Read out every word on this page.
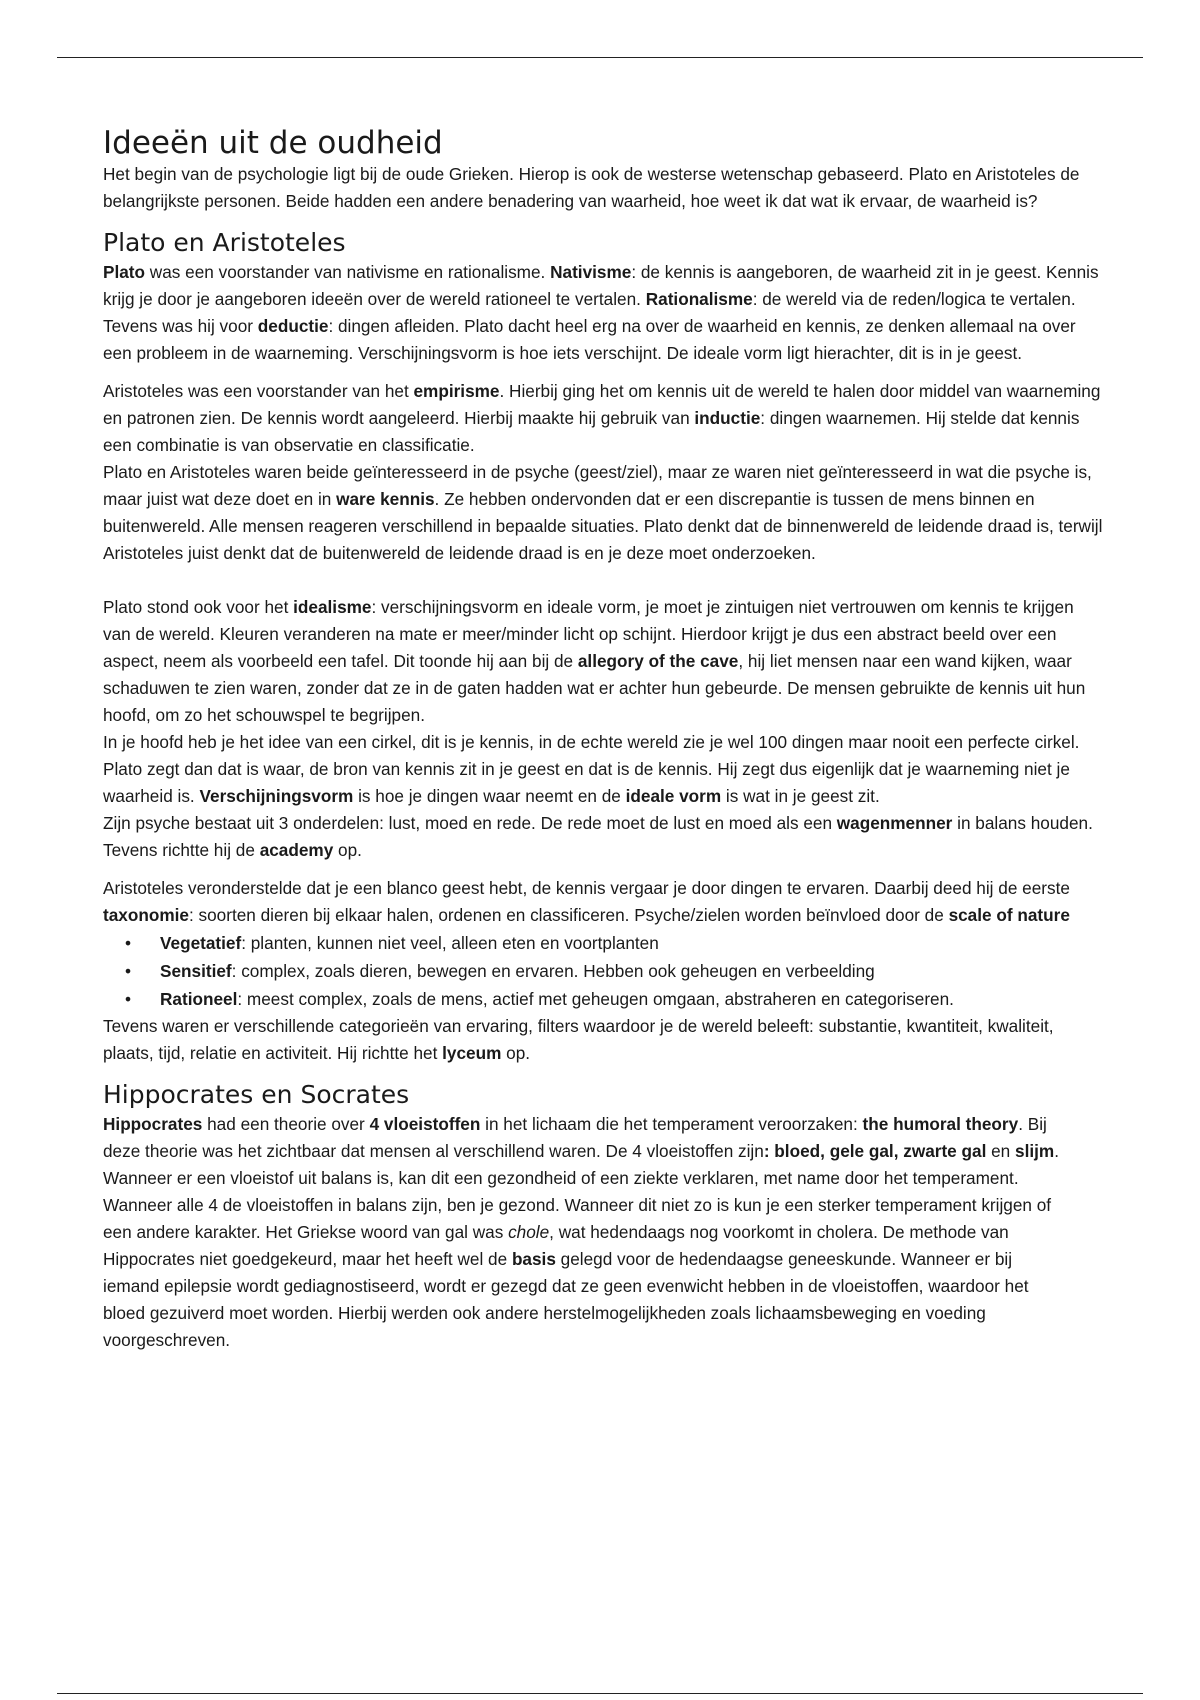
Ideeën uit de oudheid

Het begin van de psychologie ligt bij de oude Grieken. Hierop is ook de westerse wetenschap gebaseerd. Plato en Aristoteles de belangrijkste personen. Beide hadden een andere benadering van waarheid, hoe weet ik dat wat ik ervaar, de waarheid is?

Plato en Aristoteles

Plato was een voorstander van nativisme en rationalisme. Nativisme: de kennis is aangeboren, de waarheid zit in je geest. Kennis krijg je door je aangeboren ideeën over de wereld rationeel te vertalen. Rationalisme: de wereld via de reden/logica te vertalen. Tevens was hij voor deductie: dingen afleiden. Plato dacht heel erg na over de waarheid en kennis, ze denken allemaal na over een probleem in de waarneming. Verschijningsvorm is hoe iets verschijnt. De ideale vorm ligt hierachter, dit is in je geest.

Aristoteles was een voorstander van het empirisme. Hierbij ging het om kennis uit de wereld te halen door middel van waarneming en patronen zien. De kennis wordt aangeleerd. Hierbij maakte hij gebruik van inductie: dingen waarnemen. Hij stelde dat kennis een combinatie is van observatie en classificatie.

Plato en Aristoteles waren beide geïnteresseerd in de psyche (geest/ziel), maar ze waren niet geïnteresseerd in wat die psyche is, maar juist wat deze doet en in ware kennis. Ze hebben ondervonden dat er een discrepantie is tussen de mens binnen en buitenwereld. Alle mensen reageren verschillend in bepaalde situaties. Plato denkt dat de binnenwereld de leidende draad is, terwijl Aristoteles juist denkt dat de buitenwereld de leidende draad is en je deze moet onderzoeken.

Plato stond ook voor het idealisme: verschijningsvorm en ideale vorm, je moet je zintuigen niet vertrouwen om kennis te krijgen van de wereld. Kleuren veranderen na mate er meer/minder licht op schijnt. Hierdoor krijgt je dus een abstract beeld over een aspect, neem als voorbeeld een tafel. Dit toonde hij aan bij de allegory of the cave, hij liet mensen naar een wand kijken, waar schaduwen te zien waren, zonder dat ze in de gaten hadden wat er achter hun gebeurde. De mensen gebruikte de kennis uit hun hoofd, om zo het schouwspel te begrijpen.

In je hoofd heb je het idee van een cirkel, dit is je kennis, in de echte wereld zie je wel 100 dingen maar nooit een perfecte cirkel. Plato zegt dan dat is waar, de bron van kennis zit in je geest en dat is de kennis. Hij zegt dus eigenlijk dat je waarneming niet je waarheid is. Verschijningsvorm is hoe je dingen waar neemt en de ideale vorm is wat in je geest zit.

Zijn psyche bestaat uit 3 onderdelen: lust, moed en rede. De rede moet de lust en moed als een wagenmenner in balans houden. Tevens richtte hij de academy op.

Aristoteles veronderstelde dat je een blanco geest hebt, de kennis vergaar je door dingen te ervaren. Daarbij deed hij de eerste taxonomie: soorten dieren bij elkaar halen, ordenen en classificeren. Psyche/zielen worden beïnvloed door de scale of nature

• Vegetatief: planten, kunnen niet veel, alleen eten en voortplanten
• Sensitief: complex, zoals dieren, bewegen en ervaren. Hebben ook geheugen en verbeelding
• Rationeel: meest complex, zoals de mens, actief met geheugen omgaan, abstraheren en categoriseren.

Tevens waren er verschillende categorieën van ervaring, filters waardoor je de wereld beleeft: substantie, kwantiteit, kwaliteit, plaats, tijd, relatie en activiteit. Hij richtte het lyceum op.

Hippocrates en Socrates

Hippocrates had een theorie over 4 vloeistoffen in het lichaam die het temperament veroorzaken: the humoral theory. Bij deze theorie was het zichtbaar dat mensen al verschillend waren. De 4 vloeistoffen zijn: bloed, gele gal, zwarte gal en slijm. Wanneer er een vloeistof uit balans is, kan dit een gezondheid of een ziekte verklaren, met name door het temperament. Wanneer alle 4 de vloeistoffen in balans zijn, ben je gezond. Wanneer dit niet zo is kun je een sterker temperament krijgen of een andere karakter. Het Griekse woord van gal was chole, wat hedendaags nog voorkomt in cholera. De methode van Hippocrates niet goedgekeurd, maar het heeft wel de basis gelegd voor de hedendaagse geneeskunde. Wanneer er bij iemand epilepsie wordt gediagnostiseerd, wordt er gezegd dat ze geen evenwicht hebben in de vloeistoffen, waardoor het bloed gezuiverd moet worden. Hierbij werden ook andere herstelmogelijkheden zoals lichaamsbeweging en voeding voorgeschreven.
